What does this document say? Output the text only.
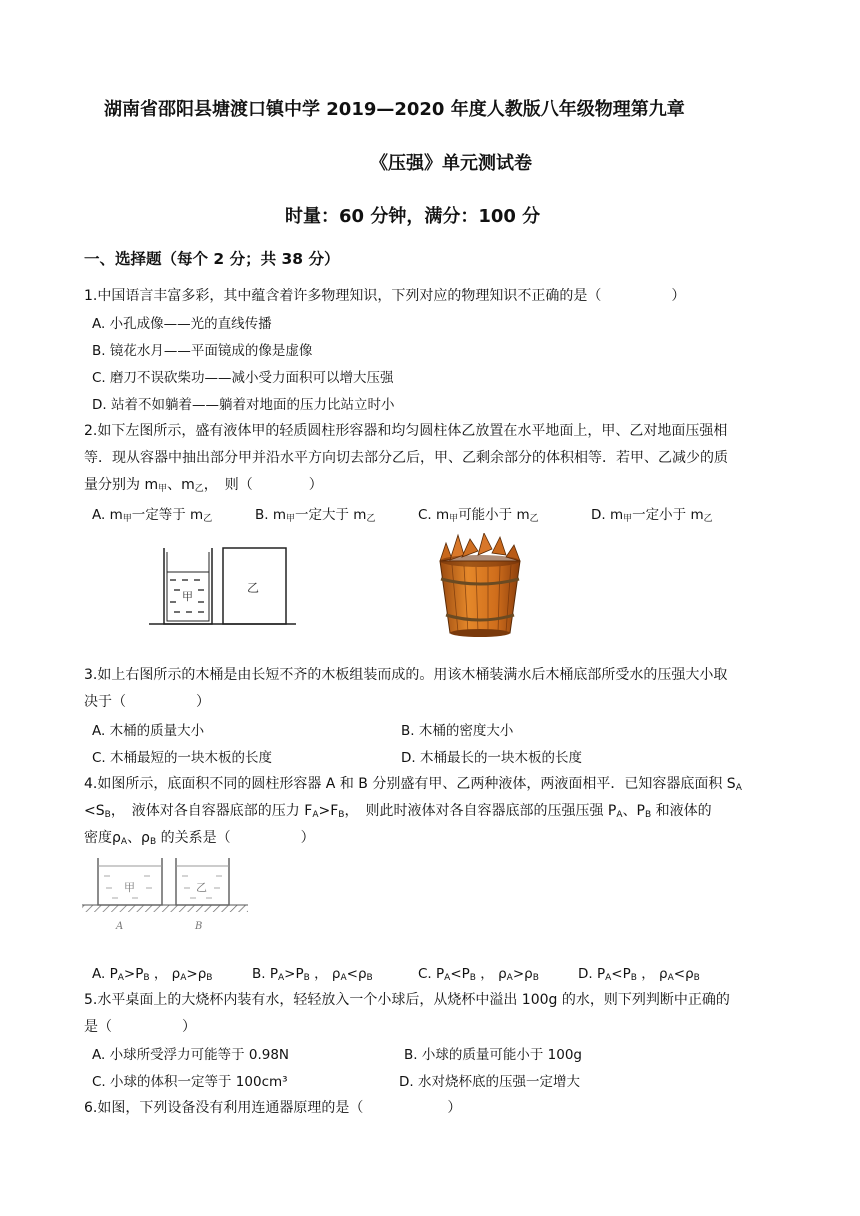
湖南省邵阳县塘渡口镇中学 2019—2020 年度人教版八年级物理第九章
《压强》单元测试卷
时量：60 分钟，满分：100 分
一、选择题（每个 2 分；共 38 分）
1.中国语言丰富多彩，其中蕴含着许多物理知识，下列对应的物理知识不正确的是（　　　　　）
A. 小孔成像——光的直线传播
B. 镜花水月——平面镜成的像是虚像
C. 磨刀不误砍柴功——减小受力面积可以增大压强
D. 站着不如躺着——躺着对地面的压力比站立时小
2.如下左图所示，盛有液体甲的轻质圆柱形容器和均匀圆柱体乙放置在水平地面上，甲、乙对地面压强相
等．现从容器中抽出部分甲并沿水平方向切去部分乙后，甲、乙剩余部分的体积相等．若甲、乙减少的质
量分别为 $m_甲$、$m_乙$，　则（　　　　）
A. $m_甲$一定等于 $m_乙$	B. $m_甲$一定大于 $m_乙$	C. $m_甲$可能小于 $m_乙$	D. $m_甲$一定小于 $m_乙$
甲
乙
3.如上右图所示的木桶是由长短不齐的木板组装而成的。用该木桶装满水后木桶底部所受水的压强大小取
决于（　　　　　）
A. 木桶的质量大小	B. 木桶的密度大小
C. 木桶最短的一块木板的长度	D. 木桶最长的一块木板的长度
4.如图所示，底面积不同的圆柱形容器 A 和 B 分别盛有甲、乙两种液体，两液面相平．已知容器底面积 $S_A$
$<S_B$，　液体对各自容器底部的压力 $F_A>F_B$，　则此时液体对各自容器底部的压强压强 $P_A$、$P_B$ 和液体的
密度$\rho_A$、$\rho_B$ 的关系是（　　　　　）
甲	乙
A	B
A. $P_A>P_B$ ， $\rho_A>\rho_B$	B. $P_A>P_B$ ， $\rho_A<\rho_B$	C. $P_A<P_B$ ， $\rho_A>\rho_B$	D. $P_A<P_B$ ， $\rho_A<\rho_B$
5.水平桌面上的大烧杯内装有水，轻轻放入一个小球后，从烧杯中溢出 100g 的水，则下列判断中正确的
是（　　　　　）
A. 小球所受浮力可能等于 0.98N	B. 小球的质量可能小于 100g
C. 小球的体积一定等于 100cm³	D. 水对烧杯底的压强一定增大
6.如图，下列设备没有利用连通器原理的是（　　　　　　）
